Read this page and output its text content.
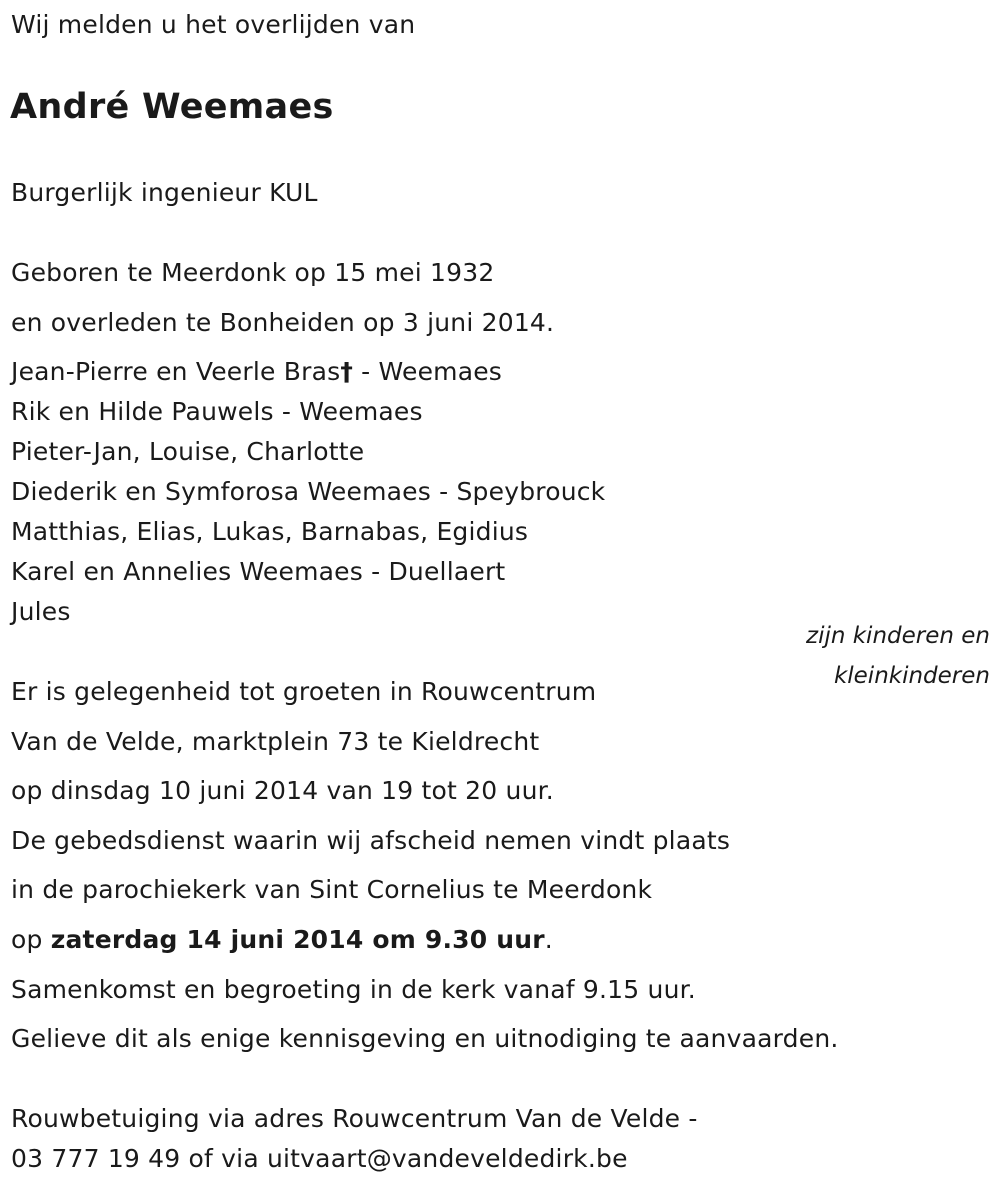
Wij melden u het overlijden van
André Weemaes
Burgerlijk ingenieur KUL
Geboren te Meerdonk op 15 mei 1932
en overleden te Bonheiden op 3 juni 2014.
Jean-Pierre en Veerle Bras† - Weemaes
Rik en Hilde Pauwels - Weemaes
Pieter-Jan, Louise, Charlotte
Diederik en Symforosa Weemaes - Speybrouck
Matthias, Elias, Lukas, Barnabas, Egidius
Karel en Annelies Weemaes - Duellaert
Jules
zijn kinderen en
kleinkinderen
Er is gelegenheid tot groeten in Rouwcentrum
Van de Velde, marktplein 73 te Kieldrecht
op dinsdag 10 juni 2014 van 19 tot 20 uur.
De gebedsdienst waarin wij afscheid nemen vindt plaats
in de parochiekerk van Sint Cornelius te Meerdonk
op zaterdag 14 juni 2014 om 9.30 uur.
Samenkomst en begroeting in de kerk vanaf 9.15 uur.
Gelieve dit als enige kennisgeving en uitnodiging te aanvaarden.
Rouwbetuiging via adres Rouwcentrum Van de Velde -
03 777 19 49 of via uitvaart@vandeveldedirk.be
